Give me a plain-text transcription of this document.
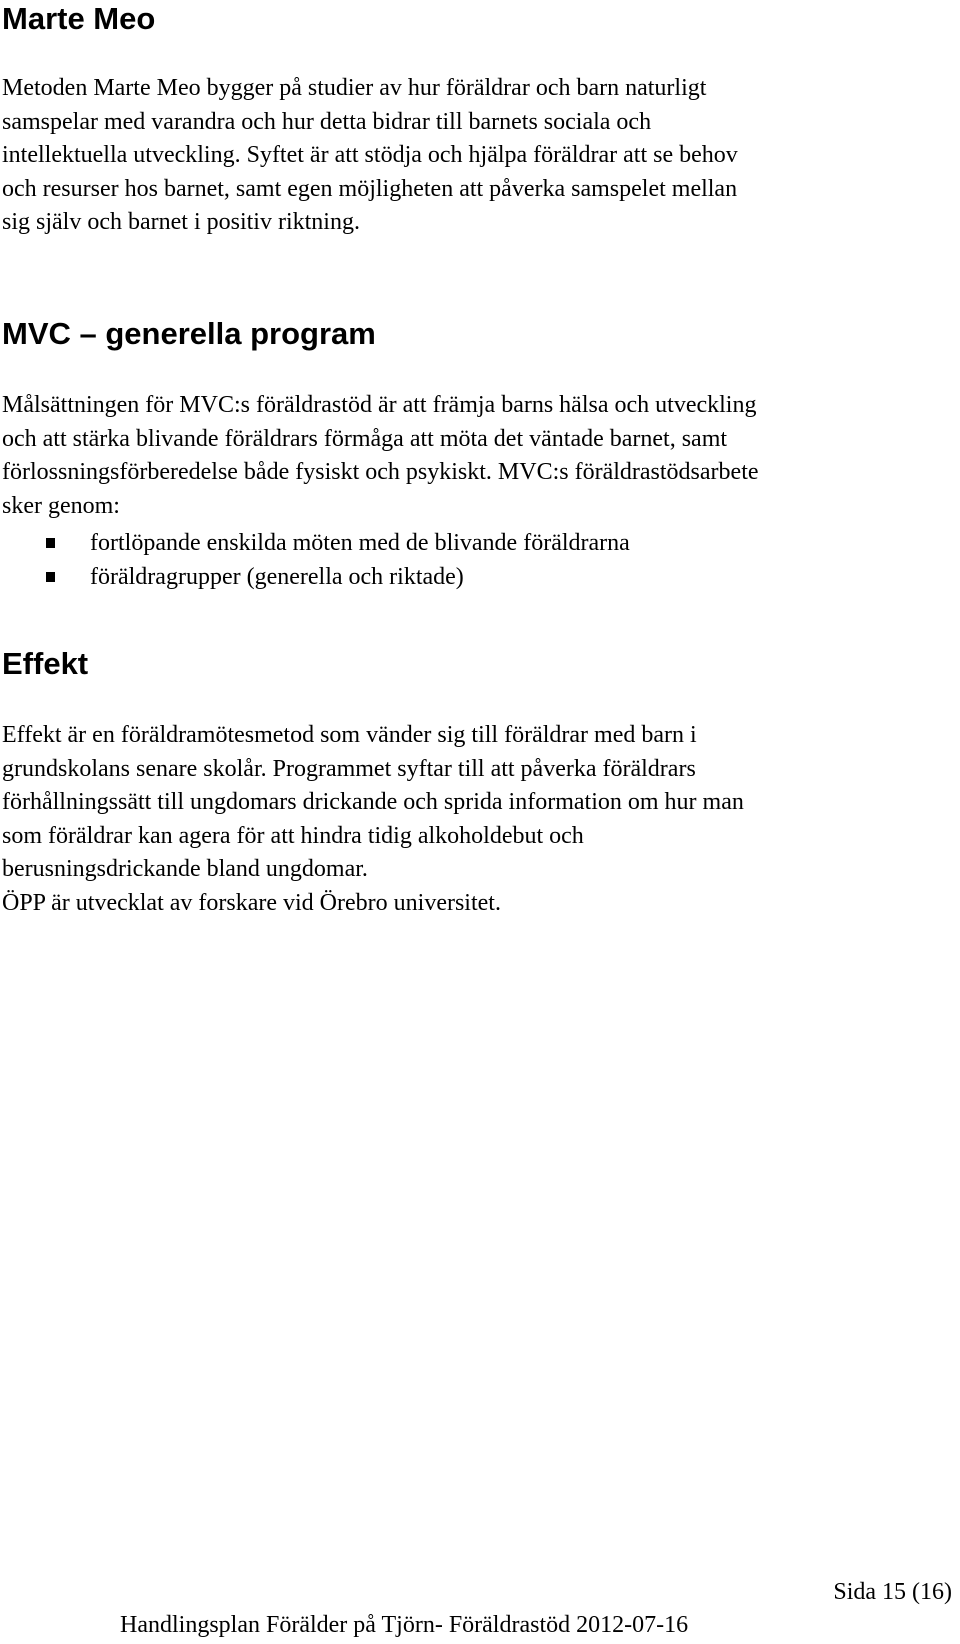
Marte Meo

Metoden Marte Meo bygger på studier av hur föräldrar och barn naturligt
samspelar med varandra och hur detta bidrar till barnets sociala och
intellektuella utveckling. Syftet är att stödja och hjälpa föräldrar att se behov
och resurser hos barnet, samt egen möjligheten att påverka samspelet mellan
sig själv och barnet i positiv riktning.

MVC – generella program

Målsättningen för MVC:s föräldrastöd är att främja barns hälsa och utveckling
och att stärka blivande föräldrars förmåga att möta det väntade barnet, samt
förlossningsförberedelse både fysiskt och psykiskt. MVC:s föräldrastödsarbete
sker genom:

fortlöpande enskilda möten med de blivande föräldrarna
föräldragrupper (generella och riktade)
Effekt

Effekt är en föräldramötesmetod som vänder sig till föräldrar med barn i
grundskolans senare skolår. Programmet syftar till att påverka föräldrars
förhållningssätt till ungdomars drickande och sprida information om hur man
som föräldrar kan agera för att hindra tidig alkoholdebut och
berusningsdrickande bland ungdomar.
ÖPP är utvecklat av forskare vid Örebro universitet.

Sida 15 (16)
Handlingsplan Förälder på Tjörn- Föräldrastöd 2012-07-16
